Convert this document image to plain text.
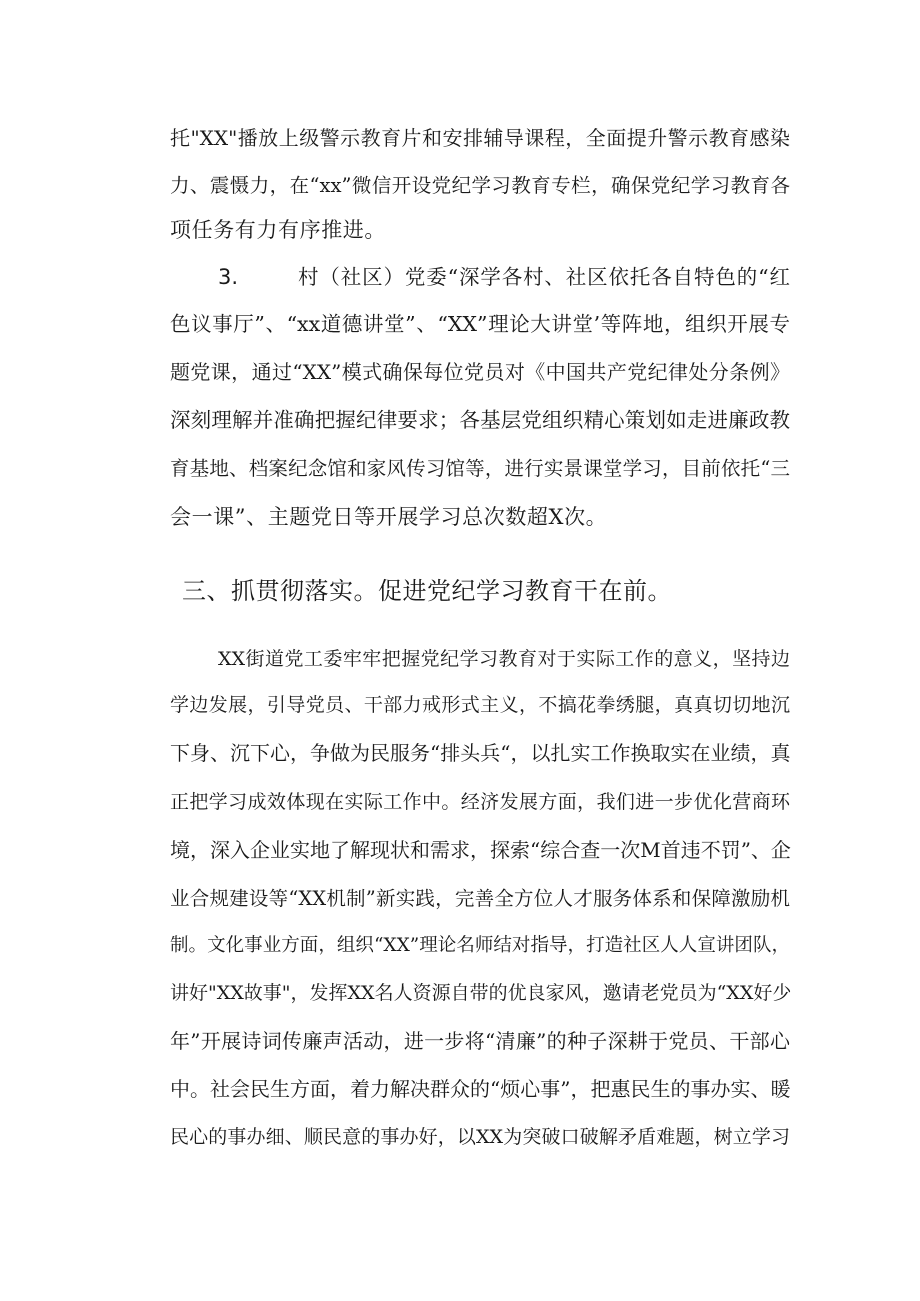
托"XX"播放上级警示教育片和安排辅导课程，全面提升警示教育感染
力、震慑力，在“xx”微信开设党纪学习教育专栏，确保党纪学习教育各
项任务有力有序推进。
3.	村（社区）党委“深学各村、社区依托各自特色的“红
色议事厅”、“xx道德讲堂”、“XX”理论大讲堂’等阵地，组织开展专
题党课，通过“XX”模式确保每位党员对《中国共产党纪律处分条例》
深刻理解并准确把握纪律要求；各基层党组织精心策划如走进廉政教
育基地、档案纪念馆和家风传习馆等，进行实景课堂学习，目前依托“三
会一课”、主题党日等开展学习总次数超X次。
三、抓贯彻落实。促进党纪学习教育干在前。
XX街道党工委牢牢把握党纪学习教育对于实际工作的意义，坚持边
学边发展，引导党员、干部力戒形式主义，不搞花拳绣腿，真真切切地沉
下身、沉下心，争做为民服务“排头兵“，以扎实工作换取实在业绩，真
正把学习成效体现在实际工作中。经济发展方面，我们进一步优化营商环
境，深入企业实地了解现状和需求，探索“综合查一次M首违不罚”、企
业合规建设等“XX机制”新实践，完善全方位人才服务体系和保障激励机
制。文化事业方面，组织“XX”理论名师结对指导，打造社区人人宣讲团队，
讲好"XX故事"，发挥XX名人资源自带的优良家风，邀请老党员为“XX好少
年”开展诗词传廉声活动，进一步将“清廉”的种子深耕于党员、干部心
中。社会民生方面，着力解决群众的“烦心事”，把惠民生的事办实、暖
民心的事办细、顺民意的事办好，以XX为突破口破解矛盾难题，树立学习
